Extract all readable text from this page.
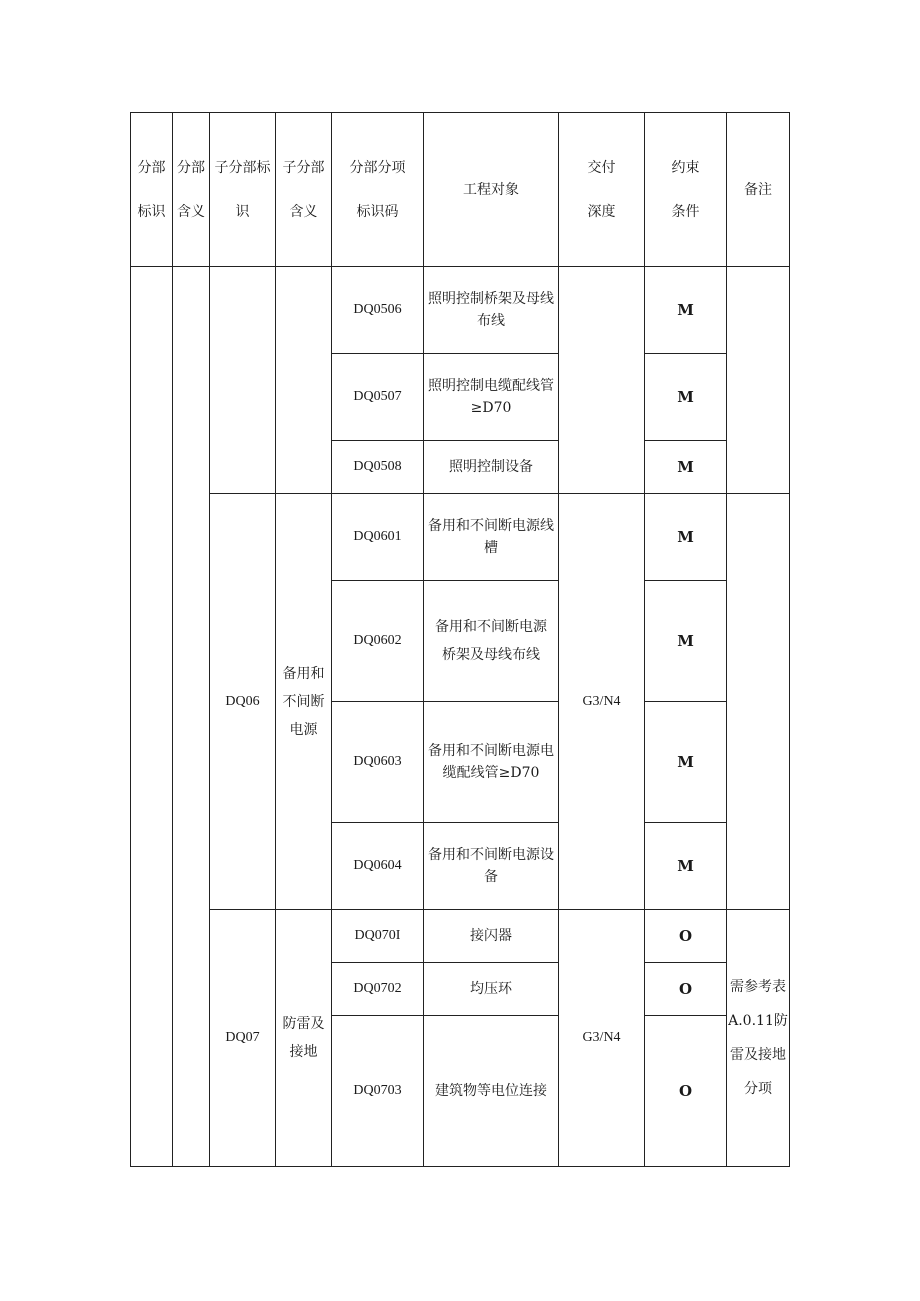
分部标识	分部含义	子分部标识	子分部含义	分部分项标识码	工程对象	交付深度	约束条件	备注
				DQ0506	照明控制桥架及母线布线		M	
				DQ0507	照明控制电缆配线管≥D70		M	
				DQ0508	照明控制设备		M	
		DQ06	备用和不间断电源	DQ0601	备用和不间断电源线槽	G3/N4	M	
				DQ0602	备用和不间断电源桥架及母线布线		M	
				DQ0603	备用和不间断电源电缆配线管≥D70		M	
				DQ0604	备用和不间断电源设备		M	
		DQ07	防雷及接地	DQ070I	接闪器	G3/N4	O	需参考表A.0.11防雷及接地分项
				DQ0702	均压环		O	
				DQ0703	建筑物等电位连接		O	
